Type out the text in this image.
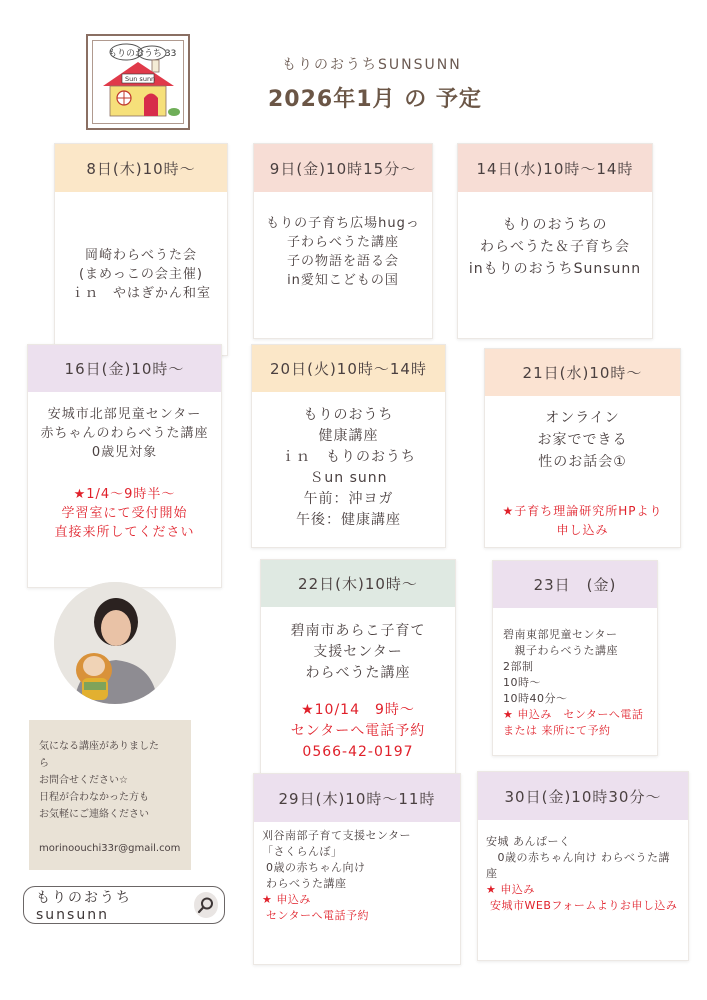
もりのおうち 33
Sun sunn
もりのおうちSUNSUNN
2026年1月 の 予定
8日(木)10時～
岡崎わらべうた会
(まめっこの会主催)
ｉｎ　やはぎかん和室
9日(金)10時15分～
もりの子育ち広場hugっ
子わらべうた講座
子の物語を語る会
in愛知こどもの国
14日(水)10時～14時
もりのおうちの
わらべうた＆子育ち会
inもりのおうちSunsunn
16日(金)10時～
安城市北部児童センター
赤ちゃんのわらべうた講座
0歳児対象
★1/4～9時半～
学習室にて受付開始
直接来所してください
20日(火)10時～14時
もりのおうち
健康講座
ｉｎ　もりのおうち
Ｓun sunn
午前：沖ヨガ
午後：健康講座
21日(水)10時～
オンライン
お家でできる
性のお話会①
★子育ち理論研究所HPより
申し込み
22日(木)10時～
碧南市あらこ子育て
支援センター
わらべうた講座
★10/14　9時～
センターへ電話予約
0566-42-0197
23日　(金)
碧南東部児童センター
　親子わらべうた講座
2部制
10時～
10時40分～
★ 申込み　センターへ電話
または 来所にて予約
気になる講座がありました
ら
お問合せください☆
日程が合わなかった方も
お気軽にご連絡ください
morinoouchi33r@gmail.com
29日(木)10時～11時
刈谷南部子育て支援センター
「さくらんぼ」
0歳の赤ちゃん向け
わらべうた講座
★ 申込み
センターへ電話予約
30日(金)10時30分～
安城 あんぱーく
　0歳の赤ちゃん向け わらべうた講
座
★ 申込み
安城市WEBフォームよりお申し込み
もりのおうちsunsunn
